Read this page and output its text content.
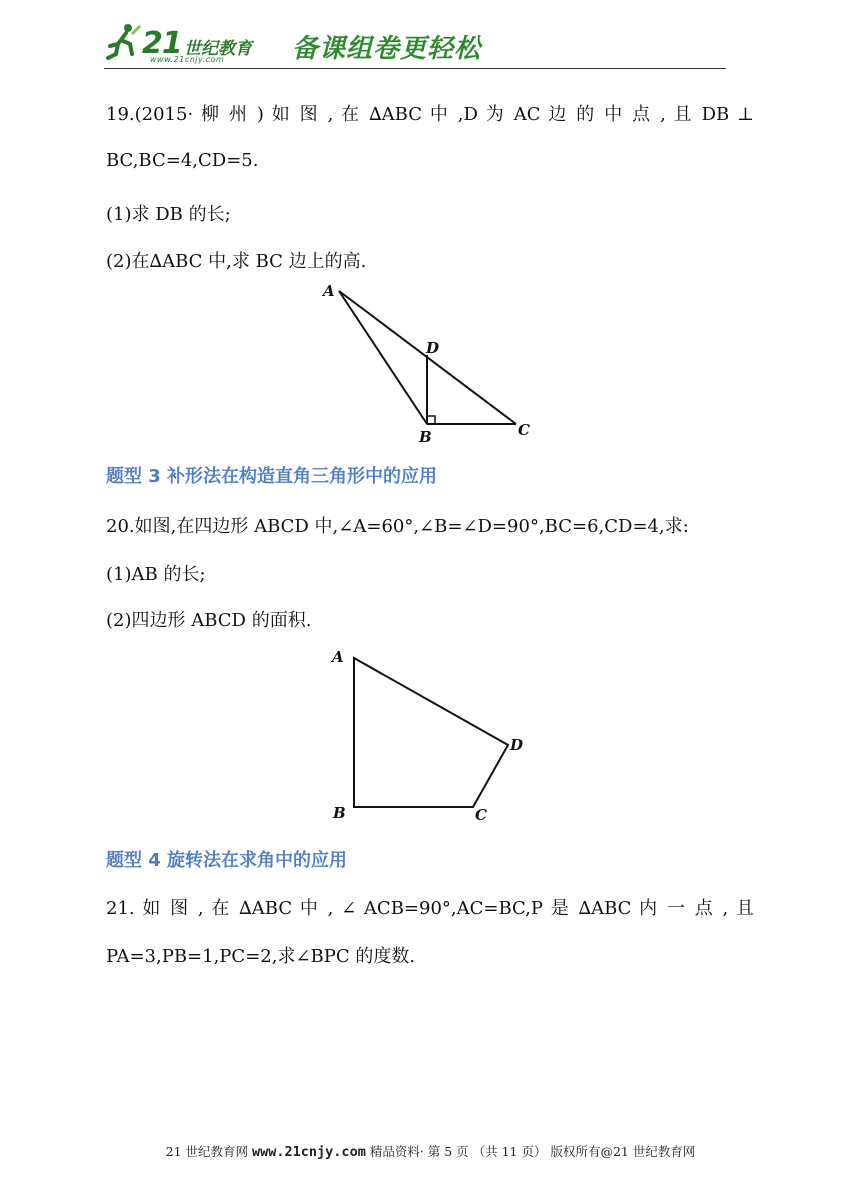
21 世纪教育
www.21cnjy.com	备课组卷更轻松
19.(2015· 柳 州 ) 如 图 , 在 ∆ABC 中 ,D 为 AC 边 的 中 点 , 且 DB ⊥
BC,BC=4,CD=5.
(1)求 DB 的长;
(2)在∆ABC 中,求 BC 边上的高.
A
D
B	C
题型 3 补形法在构造直角三角形中的应用
20.如图,在四边形 ABCD 中,∠A=60°,∠B=∠D=90°,BC=6,CD=4,求:
(1)AB 的长;
(2)四边形 ABCD 的面积.
A
D
B	C
题型 4 旋转法在求角中的应用
21. 如 图 , 在 ∆ABC 中 , ∠ ACB=90°,AC=BC,P 是 ∆ABC 内 一 点 , 且
PA=3,PB=1,PC=2,求∠BPC 的度数.
21 世纪教育网 www.21cnjy.com 精品资料· 第 5 页 （共 11 页） 版权所有@21 世纪教育网
